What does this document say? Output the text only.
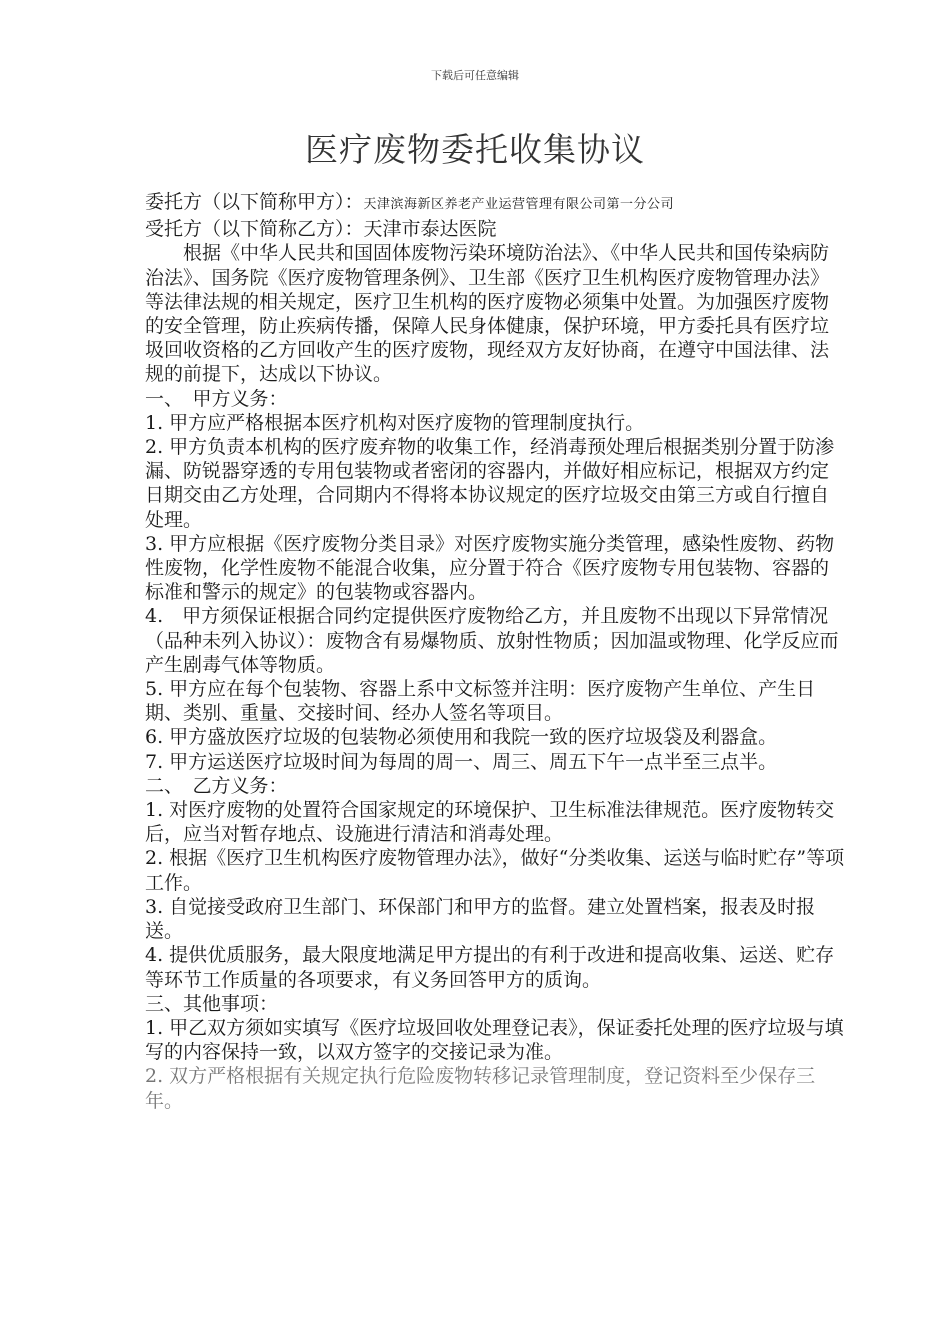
下载后可任意编辑
医疗废物委托收集协议

委托方（以下简称甲方）：天津滨海新区养老产业运营管理有限公司第一分公司

受托方（以下简称乙方）：天津市泰达医院

根据《中华人民共和国固体废物污染环境防治法》、《中华人民共和国传染病防治法》、国务院《医疗废物管理条例》、卫生部《医疗卫生机构医疗废物管理办法》等法律法规的相关规定，医疗卫生机构的医疗废物必须集中处置。为加强医疗废物的安全管理，防止疾病传播，保障人民身体健康，保护环境，甲方委托具有医疗垃圾回收资格的乙方回收产生的医疗废物，现经双方友好协商，在遵守中国法律、法规的前提下，达成以下协议。

一、　甲方义务：

1. 甲方应严格根据本医疗机构对医疗废物的管理制度执行。

2. 甲方负责本机构的医疗废弃物的收集工作，经消毒预处理后根据类别分置于防渗漏、防锐器穿透的专用包装物或者密闭的容器内，并做好相应标记，根据双方约定日期交由乙方处理，合同期内不得将本协议规定的医疗垃圾交由第三方或自行擅自处理。

3. 甲方应根据《医疗废物分类目录》对医疗废物实施分类管理，感染性废物、药物性废物，化学性废物不能混合收集，应分置于符合《医疗废物专用包装物、容器的标准和警示的规定》的包装物或容器内。

4.　甲方须保证根据合同约定提供医疗废物给乙方，并且废物不出现以下异常情况（品种未列入协议）：废物含有易爆物质、放射性物质；因加温或物理、化学反应而产生剧毒气体等物质。

5. 甲方应在每个包装物、容器上系中文标签并注明：医疗废物产生单位、产生日期、类别、重量、交接时间、经办人签名等项目。

6. 甲方盛放医疗垃圾的包装物必须使用和我院一致的医疗垃圾袋及利器盒。

7. 甲方运送医疗垃圾时间为每周的周一、周三、周五下午一点半至三点半。

二、　乙方义务：

1. 对医疗废物的处置符合国家规定的环境保护、卫生标准法律规范。医疗废物转交后，应当对暂存地点、设施进行清洁和消毒处理。

2. 根据《医疗卫生机构医疗废物管理办法》，做好“分类收集、运送与临时贮存”等项工作。

3. 自觉接受政府卫生部门、环保部门和甲方的监督。建立处置档案，报表及时报送。

4. 提供优质服务，最大限度地满足甲方提出的有利于改进和提高收集、运送、贮存等环节工作质量的各项要求，有义务回答甲方的质询。

三、其他事项：

1. 甲乙双方须如实填写《医疗垃圾回收处理登记表》，保证委托处理的医疗垃圾与填写的内容保持一致，以双方签字的交接记录为准。

2. 双方严格根据有关规定执行危险废物转移记录管理制度，登记资料至少保存三年。
